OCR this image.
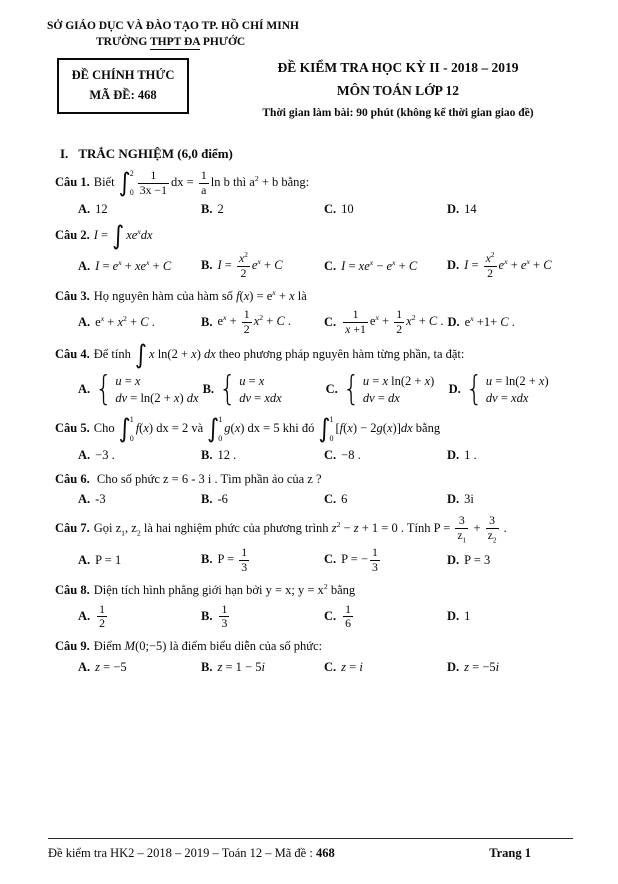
SỞ GIÁO DỤC VÀ ĐÀO TẠO TP. HỒ CHÍ MINH
TRƯỜNG THPT ĐA PHƯỚC
ĐỀ CHÍNH THỨC
MÃ ĐỀ: 468
ĐỀ KIỂM TRA HỌC KỲ II - 2018 – 2019
MÔN TOÁN LỚP 12
Thời gian làm bài: 90 phút (không kể thời gian giao đề)
I. TRẮC NGHIỆM (6,0 điểm)
Câu 1. Biết ∫ 2
$0 \frac{1}{3x -1}$ dx = $\frac{1}{a}$ ln b thì $a^2 + b$ bằng:
A. 12	B. 2	C. 10	D. 14
Câu 2. I = ∫ $xe^xdx$
A. $I = e^x + xe^x + C$	B. $I = \frac{x^2}{2} e^x + C$	C. $I = xe^x - e^x + C$	D. $I = \frac{x^2}{2} e^x + e^x + C$
Câu 3. Họ nguyên hàm của hàm số $f(x) = e^x + x$ là
A. $e^x + x^2 + C$ .	B. $e^x + \frac{1}{2} x^2 + C$ .	C. $\frac{1}{x +1} e^x + \frac{1}{2} x^2 + C$ . D. $e^x +1+ C$ .
Câu 4. Để tính ∫ x ln(2 + x) dx theo phương pháp nguyên hàm từng phần, ta đặt:
A. { u = x
dv = ln(2 + x) dx
B. { u = x
dv = xdx
C. { u = x ln(2 + x)
dv = dx
D. { u = ln(2 + x)
dv = xdx
Câu 5. Cho ∫ 1
0
f(x) dx = 2 và ∫ 1
0
g(x) dx = 5 khi đó ∫ 1
0
[f(x) − 2g(x)]dx bằng
A. −3 .	B. 12 .	C. −8 .	D. 1 .
Câu 6. Cho số phức z = 6 - 3 i . Tìm phần ảo của z ?
A. -3	B. -6	C. 6	D. 3i
Câu 7. Gọi $z_1$, $z_2$ là hai nghiệm phức của phương trình $z^2 - z + 1 = 0$ . Tính $P = \frac{3}{z_1} + \frac{3}{z_2}$ .
A. P = 1	B. $P = \frac{1}{3}$	C. P = − $\frac{1}{3}$	D. P = 3
Câu 8. Diện tích hình phẳng giới hạn bởi y = x; $y = x^2$ bằng
A. $\frac{1}{2}$	B. $\frac{1}{3}$	C. $\frac{1}{6}$	D. 1
Câu 9. Điểm M(0;−5) là điểm biểu diễn của số phức:
A. z = −5	B. z = 1 − 5i	C. z = i	D. z = −5i
Đề kiểm tra HK2 – 2018 – 2019 – Toán 12 – Mã đề : 468	Trang 1
